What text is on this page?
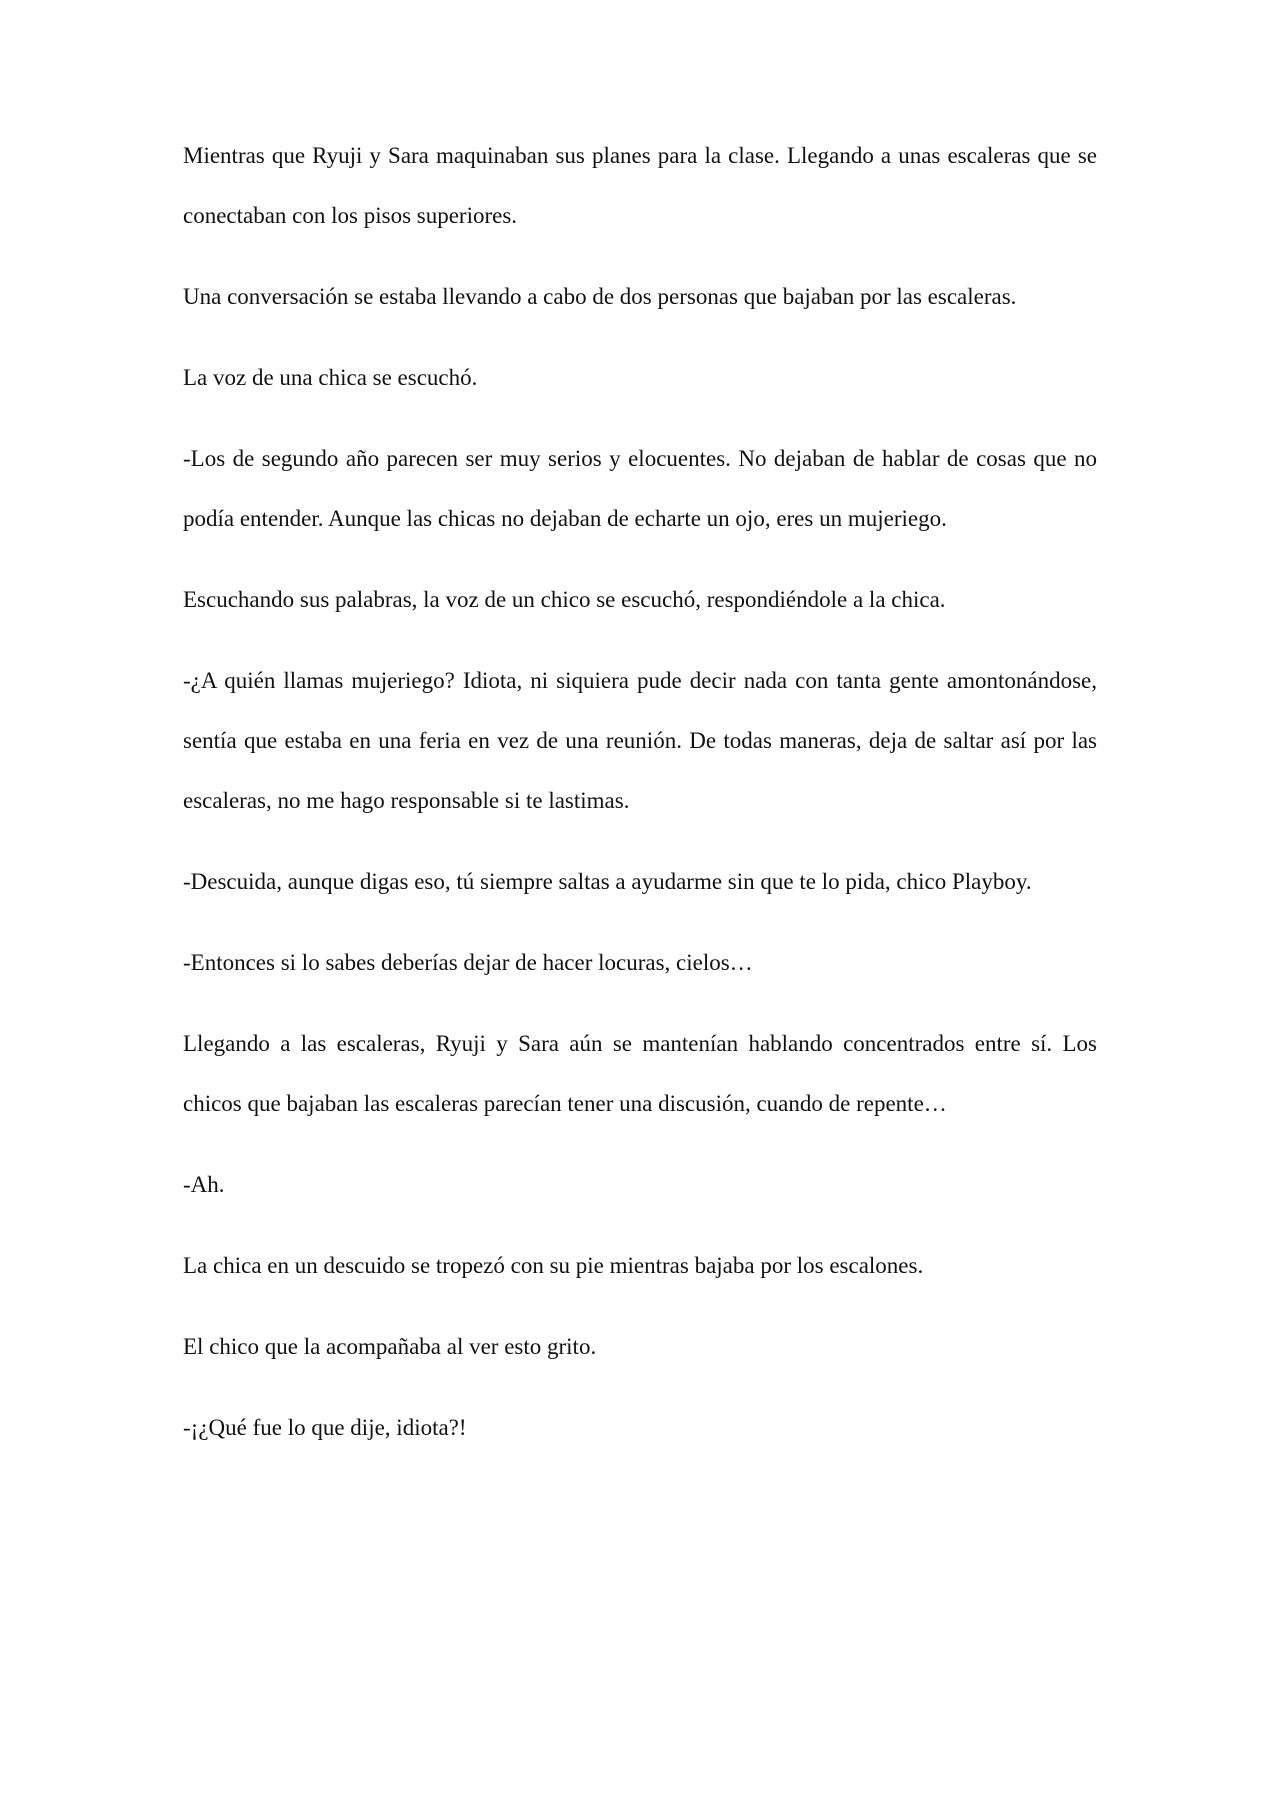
Mientras que Ryuji y Sara maquinaban sus planes para la clase. Llegando a unas escaleras que se conectaban con los pisos superiores.

Una conversación se estaba llevando a cabo de dos personas que bajaban por las escaleras.

La voz de una chica se escuchó.

-Los de segundo año parecen ser muy serios y elocuentes. No dejaban de hablar de cosas que no podía entender. Aunque las chicas no dejaban de echarte un ojo, eres un mujeriego.

Escuchando sus palabras, la voz de un chico se escuchó, respondiéndole a la chica.

-¿A quién llamas mujeriego? Idiota, ni siquiera pude decir nada con tanta gente amontonándose, sentía que estaba en una feria en vez de una reunión. De todas maneras, deja de saltar así por las escaleras, no me hago responsable si te lastimas.

-Descuida, aunque digas eso, tú siempre saltas a ayudarme sin que te lo pida, chico Playboy.

-Entonces si lo sabes deberías dejar de hacer locuras, cielos…

Llegando a las escaleras, Ryuji y Sara aún se mantenían hablando concentrados entre sí. Los chicos que bajaban las escaleras parecían tener una discusión, cuando de repente…

-Ah.

La chica en un descuido se tropezó con su pie mientras bajaba por los escalones.

El chico que la acompañaba al ver esto grito.

-¡¿Qué fue lo que dije, idiota?!
